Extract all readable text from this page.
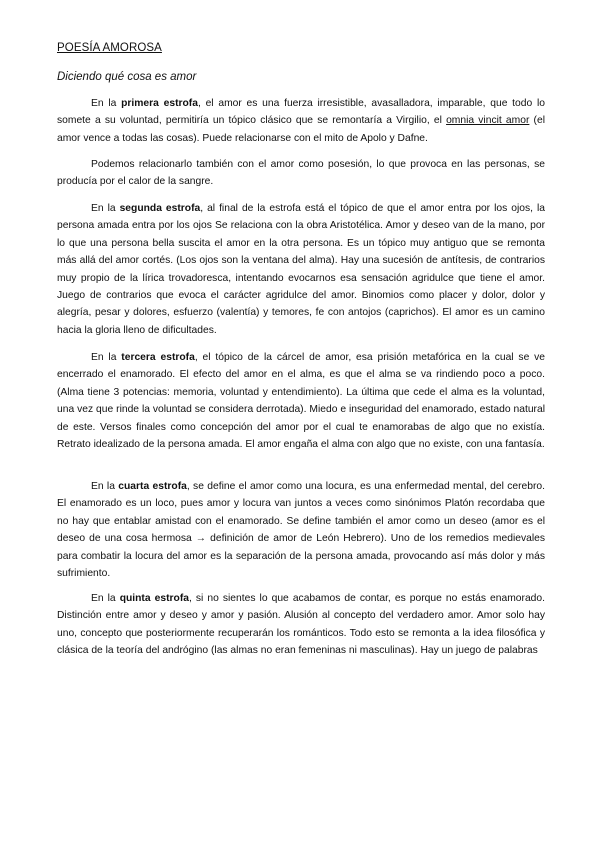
POESÍA AMOROSA
Diciendo qué cosa es amor

En la primera estrofa, el amor es una fuerza irresistible, avasalladora, imparable, que todo lo somete a su voluntad, permitiría un tópico clásico que se remontaría a Virgilio, el omnia vincit amor (el amor vence a todas las cosas). Puede relacionarse con el mito de Apolo y Dafne.

Podemos relacionarlo también con el amor como posesión, lo que provoca en las personas, se producía por el calor de la sangre.

En la segunda estrofa, al final de la estrofa está el tópico de que el amor entra por los ojos, la persona amada entra por los ojos Se relaciona con la obra Aristotélica. Amor y deseo van de la mano, por lo que una persona bella suscita el amor en la otra persona. Es un tópico muy antiguo que se remonta más allá del amor cortés. (Los ojos son la ventana del alma). Hay una sucesión de antítesis, de contrarios muy propio de la lírica trovadoresca, intentando evocarnos esa sensación agridulce que tiene el amor. Juego de contrarios que evoca el carácter agridulce del amor. Binomios como placer y dolor, dolor y alegría, pesar y dolores, esfuerzo (valentía) y temores, fe con antojos (caprichos). El amor es un camino hacia la gloria lleno de dificultades.

En la tercera estrofa, el tópico de la cárcel de amor, esa prisión metafórica en la cual se ve encerrado el enamorado. El efecto del amor en el alma, es que el alma se va rindiendo poco a poco. (Alma tiene 3 potencias: memoria, voluntad y entendimiento). La última que cede el alma es la voluntad, una vez que rinde la voluntad se considera derrotada). Miedo e inseguridad del enamorado, estado natural de este. Versos finales como concepción del amor por el cual te enamorabas de algo que no existía. Retrato idealizado de la persona amada. El amor engaña el alma con algo que no existe, con una fantasía.

En la cuarta estrofa, se define el amor como una locura, es una enfermedad mental, del cerebro. El enamorado es un loco, pues amor y locura van juntos a veces como sinónimos Platón recordaba que no hay que entablar amistad con el enamorado. Se define también el amor como un deseo (amor es el deseo de una cosa hermosa → definición de amor de León Hebrero). Uno de los remedios medievales para combatir la locura del amor es la separación de la persona amada, provocando así más dolor y más sufrimiento.

En la quinta estrofa, si no sientes lo que acabamos de contar, es porque no estás enamorado. Distinción entre amor y deseo y amor y pasión. Alusión al concepto del verdadero amor. Amor solo hay uno, concepto que posteriormente recuperarán los románticos. Todo esto se remonta a la idea filosófica y clásica de la teoría del andrógino (las almas no eran femeninas ni masculinas). Hay un juego de palabras
